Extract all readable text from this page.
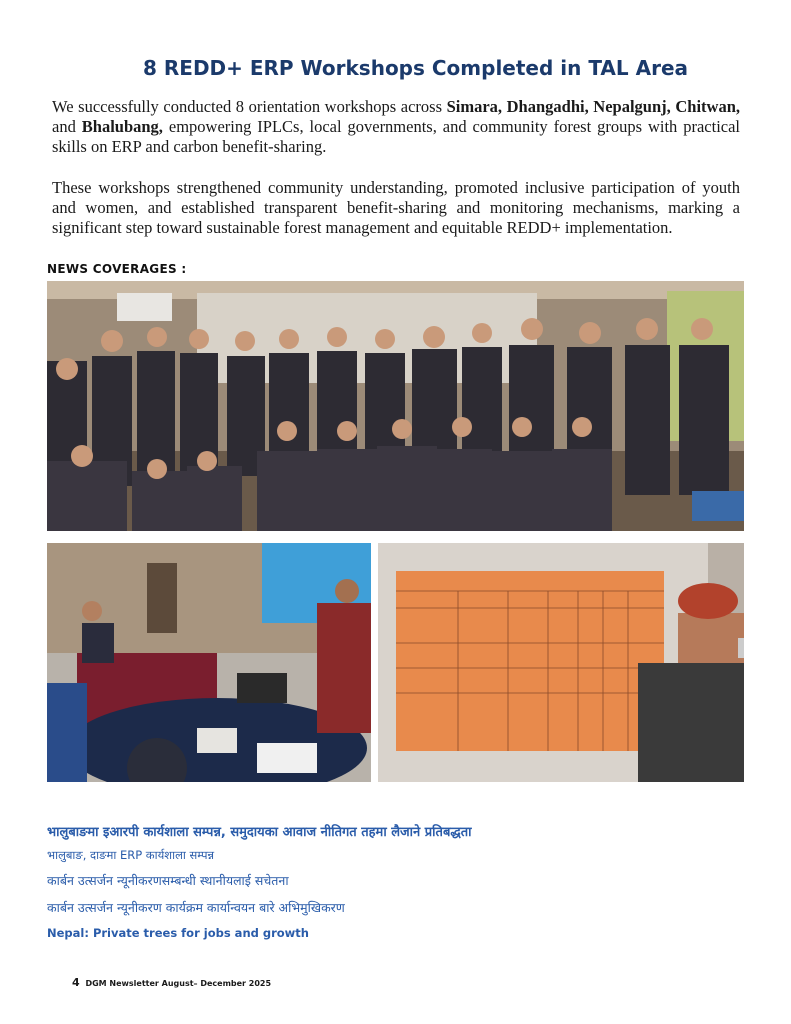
8 REDD+ ERP Workshops Completed in TAL Area

We successfully conducted 8 orientation workshops across Simara, Dhangadhi, Nepalgunj, Chitwan, and Bhalubang, empowering IPLCs, local governments, and community forest groups with practical skills on ERP and carbon benefit-sharing.

These workshops strengthened community understanding, promoted inclusive participation of youth and women, and established transparent benefit-sharing and monitoring mechanisms, marking a significant step toward sustainable forest management and equitable REDD+ implementation.

NEWS COVERAGES :
भालुबाङमा इआरपी कार्यशाला सम्पन्न, समुदायका आवाज नीतिगत तहमा लैजाने प्रतिबद्धता
भालुबाङ, दाङमा ERP कार्यशाला सम्पन्न
कार्बन उत्सर्जन न्यूनीकरणसम्बन्धी स्थानीयलाई सचेतना
कार्बन उत्सर्जन न्यूनीकरण कार्यक्रम कार्यान्वयन बारे अभिमुखिकरण
Nepal: Private trees for jobs and growth
4 DGM Newsletter August– December 2025
